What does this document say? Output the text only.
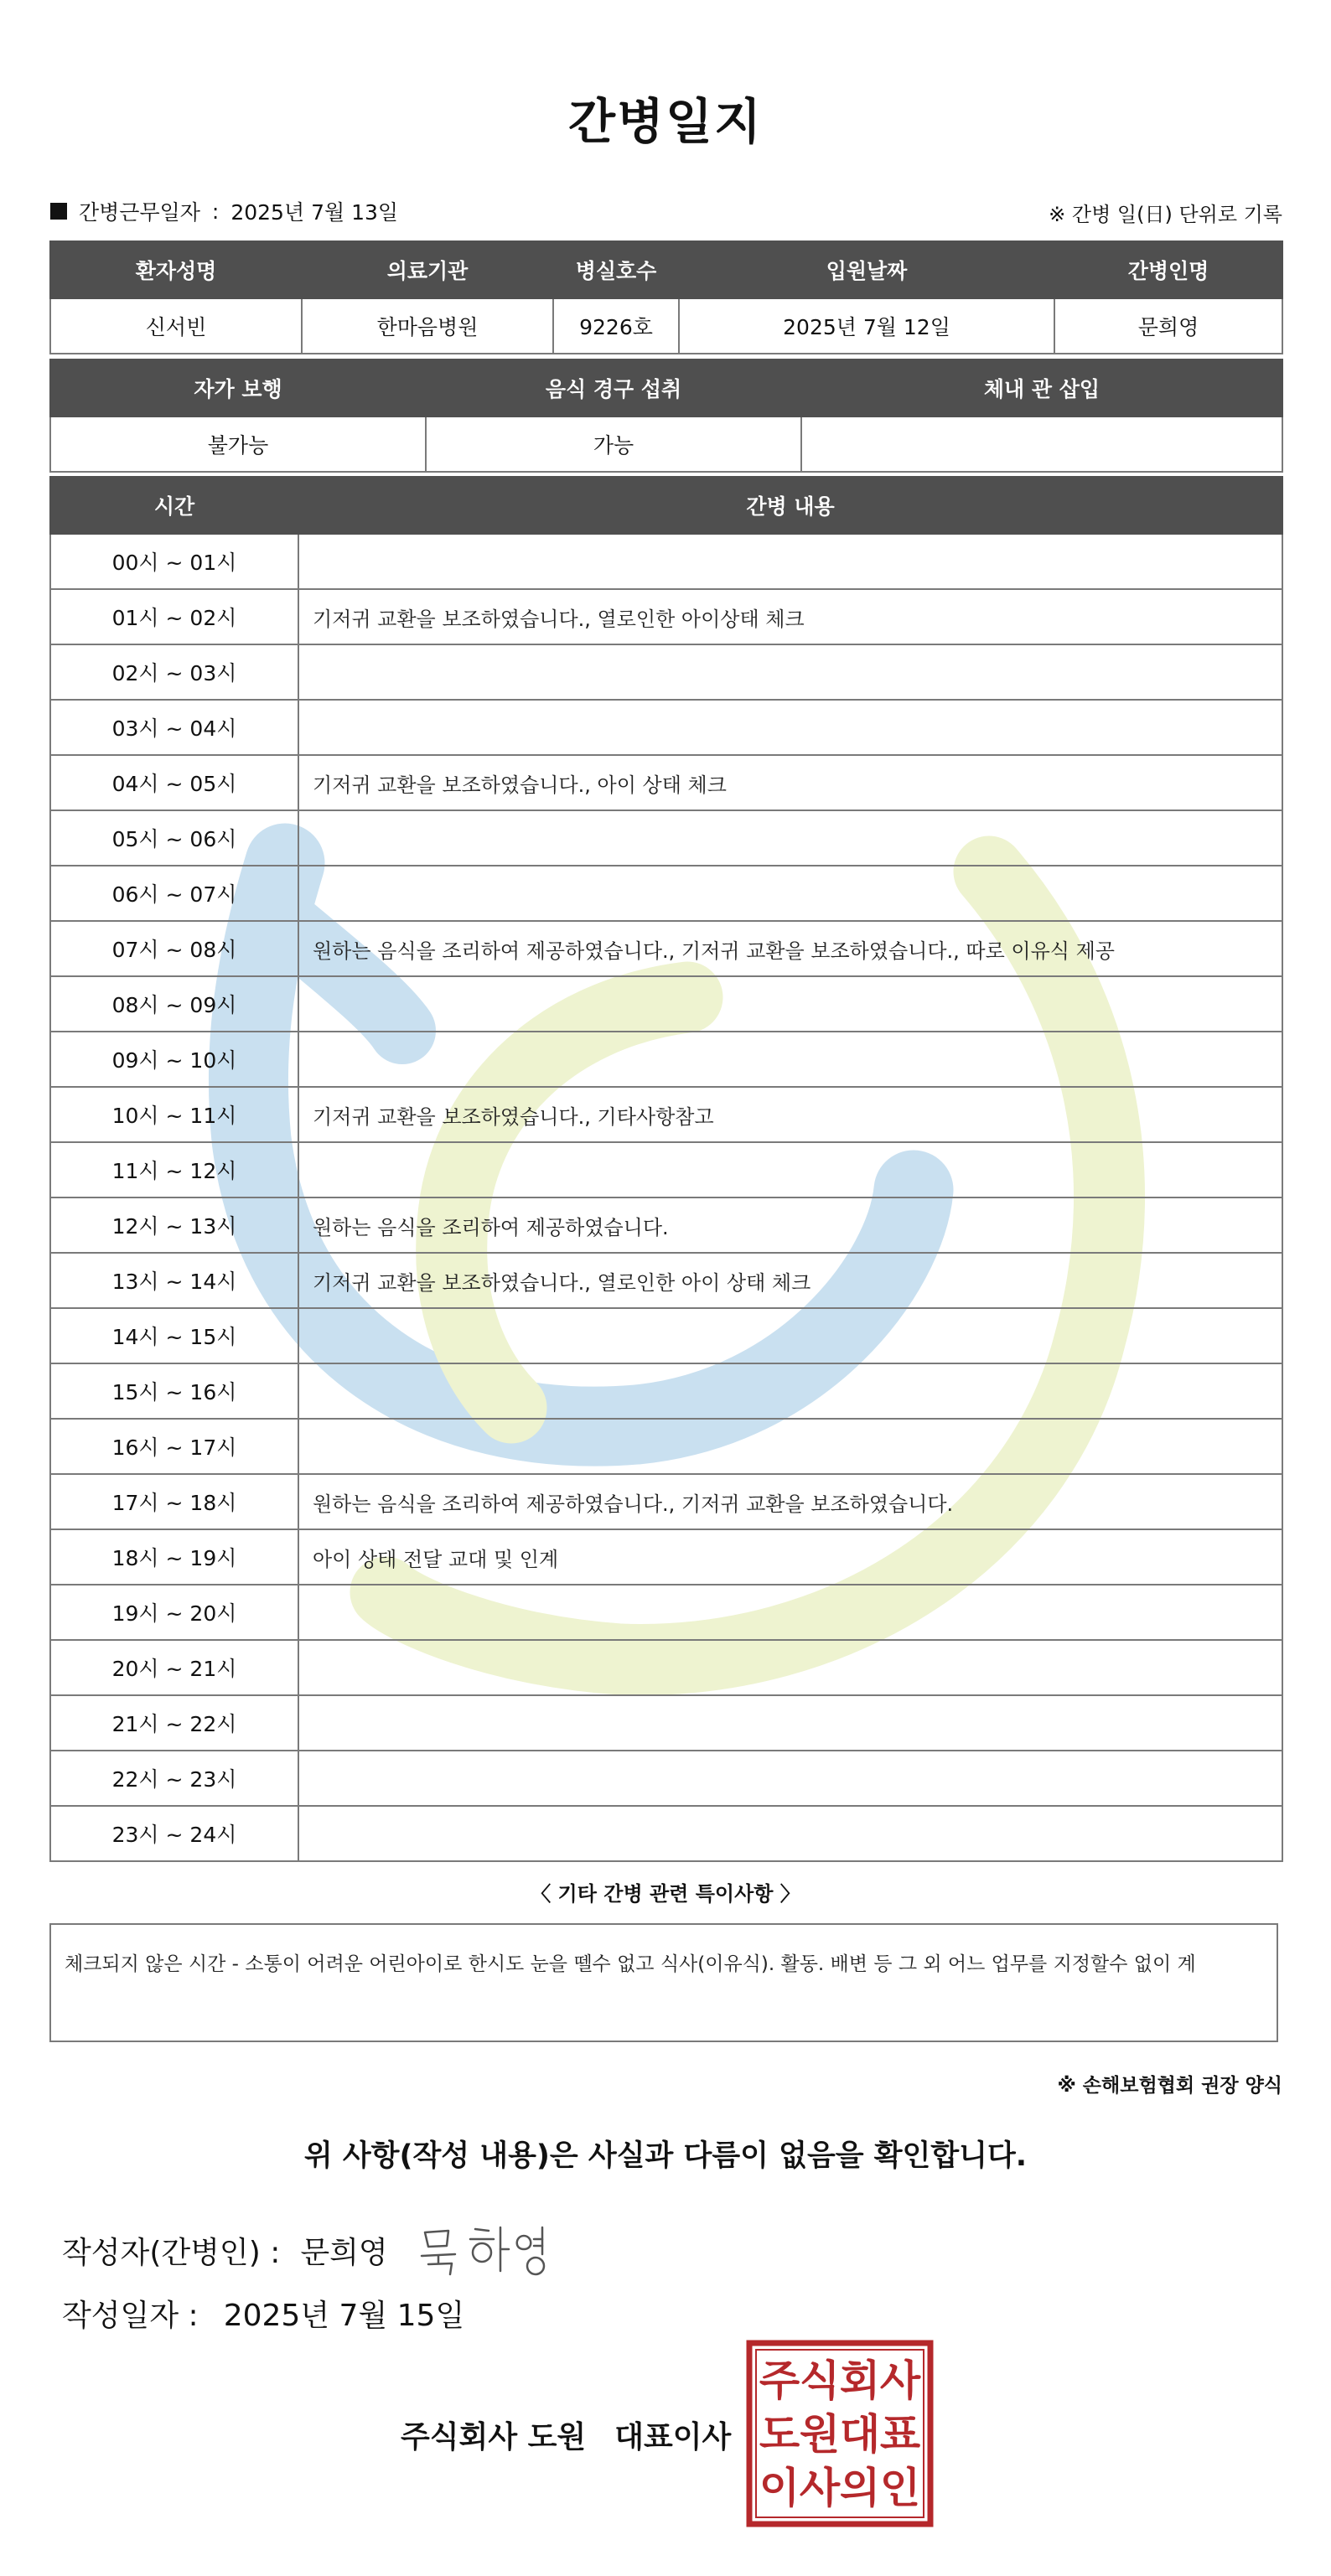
간병일지
간병근무일자 : 2025년 7월 13일	※ 간병 일(日) 단위로 기록
환자성명	의료기관	병실호수	입원날짜	간병인명
신서빈	한마음병원	9226호	2025년 7월 12일	문희영
자가 보행	음식 경구 섭취	체내 관 삽입
불가능	가능	
시간	간병 내용
00시 ~ 01시	
01시 ~ 02시	기저귀 교환을 보조하였습니다., 열로인한 아이상태 체크
02시 ~ 03시	
03시 ~ 04시	
04시 ~ 05시	기저귀 교환을 보조하였습니다., 아이 상태 체크
05시 ~ 06시	
06시 ~ 07시	
07시 ~ 08시	원하는 음식을 조리하여 제공하였습니다., 기저귀 교환을 보조하였습니다., 따로 이유식 제공
08시 ~ 09시	
09시 ~ 10시	
10시 ~ 11시	기저귀 교환을 보조하였습니다., 기타사항참고
11시 ~ 12시	
12시 ~ 13시	원하는 음식을 조리하여 제공하였습니다.
13시 ~ 14시	기저귀 교환을 보조하였습니다., 열로인한 아이 상태 체크
14시 ~ 15시	
15시 ~ 16시	
16시 ~ 17시	
17시 ~ 18시	원하는 음식을 조리하여 제공하였습니다., 기저귀 교환을 보조하였습니다.
18시 ~ 19시	아이 상태 전달 교대 및 인계
19시 ~ 20시	
20시 ~ 21시	
21시 ~ 22시	
22시 ~ 23시	
23시 ~ 24시	
〈 기타 간병 관련 특이사항 〉
체크되지 않은 시간 - 소통이 어려운 어린아이로 한시도 눈을 뗄수 없고 식사(이유식). 활동. 배변 등 그 외 어느 업무를 지정할수 없이 계
※ 손해보험협회 권장 양식
위 사항(작성 내용)은 사실과 다름이 없음을 확인합니다.
작성자(간병인) : 문희영
작성일자 : 2025년 7월 15일
주식회사 도원 대표이사
주 식 회 사
도 원 대 표
이 사 의 인
